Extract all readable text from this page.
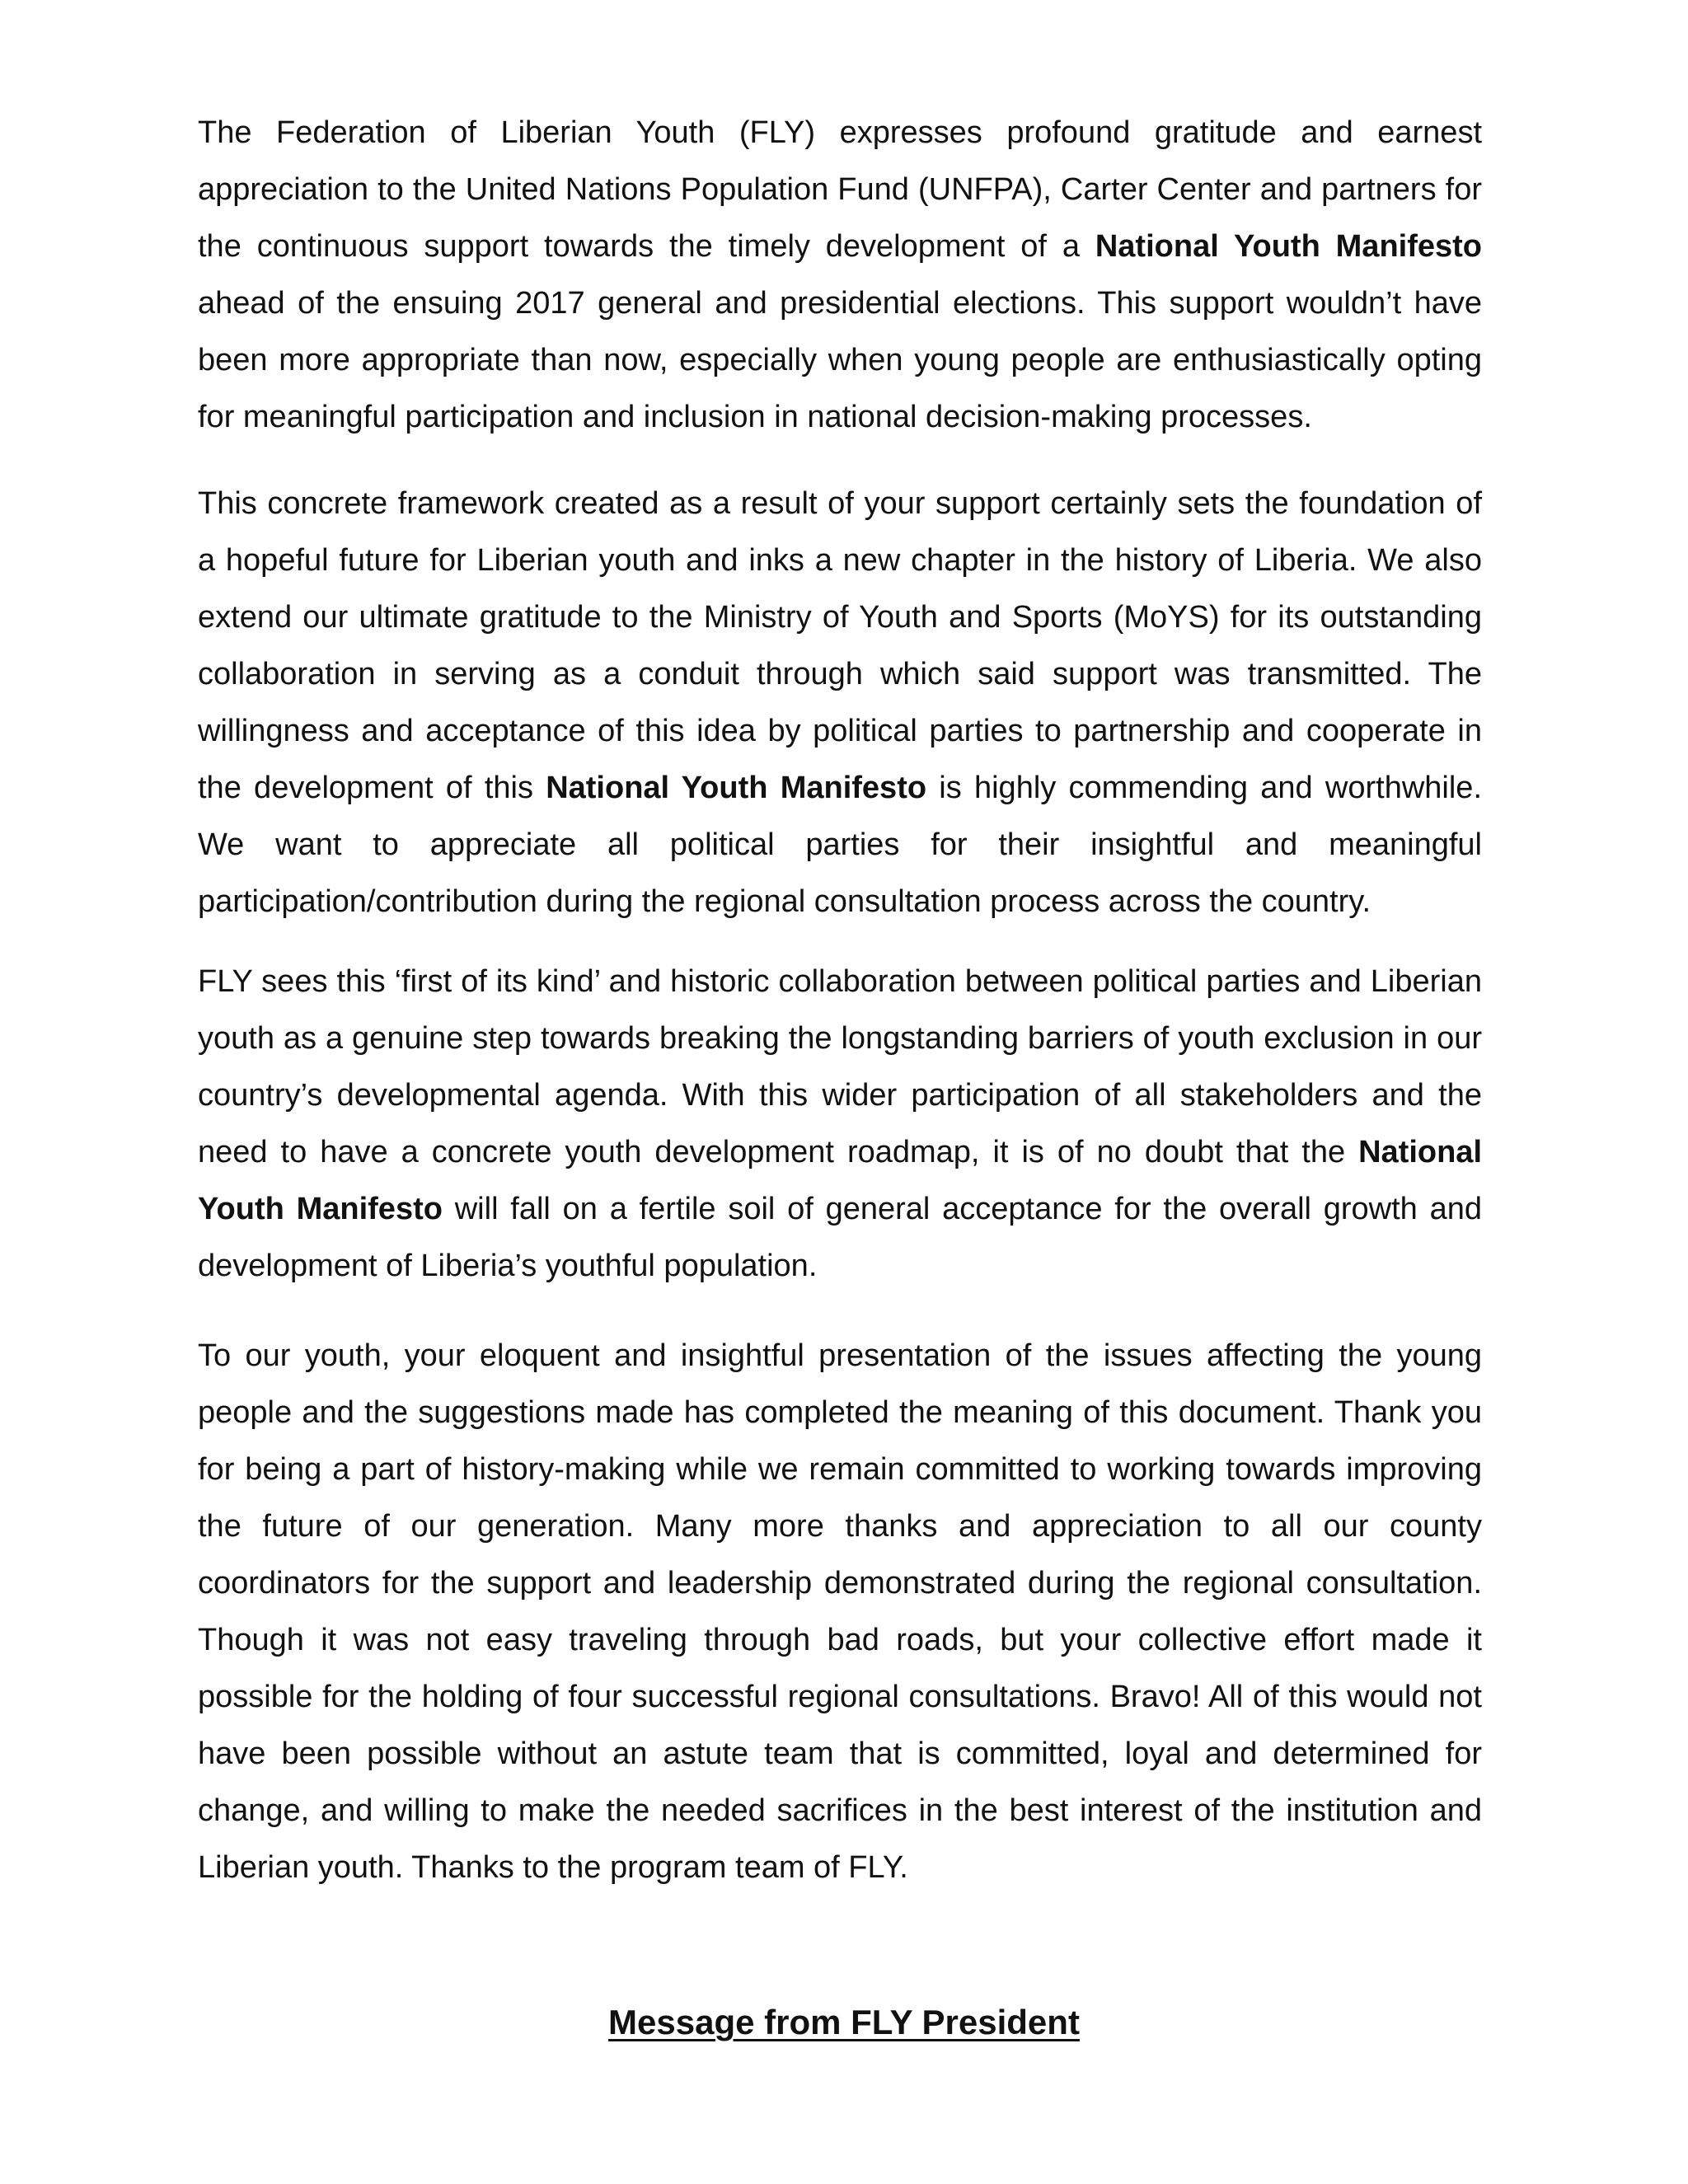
The Federation of Liberian Youth (FLY) expresses profound gratitude and earnest appreciation to the United Nations Population Fund (UNFPA), Carter Center and partners for the continuous support towards the timely development of a National Youth Manifesto ahead of the ensuing 2017 general and presidential elections. This support wouldn’t have been more appropriate than now, especially when young people are enthusiastically opting for meaningful participation and inclusion in national decision-making processes.

This concrete framework created as a result of your support certainly sets the foundation of a hopeful future for Liberian youth and inks a new chapter in the history of Liberia. We also extend our ultimate gratitude to the Ministry of Youth and Sports (MoYS) for its outstanding collaboration in serving as a conduit through which said support was transmitted. The willingness and acceptance of this idea by political parties to partnership and cooperate in the development of this National Youth Manifesto is highly commending and worthwhile. We want to appreciate all political parties for their insightful and meaningful participation/contribution during the regional consultation process across the country.

FLY sees this ‘first of its kind’ and historic collaboration between political parties and Liberian youth as a genuine step towards breaking the longstanding barriers of youth exclusion in our country’s developmental agenda. With this wider participation of all stakeholders and the need to have a concrete youth development roadmap, it is of no doubt that the National Youth Manifesto will fall on a fertile soil of general acceptance for the overall growth and development of Liberia’s youthful population.

To our youth, your eloquent and insightful presentation of the issues affecting the young people and the suggestions made has completed the meaning of this document. Thank you for being a part of history-making while we remain committed to working towards improving the future of our generation. Many more thanks and appreciation to all our county coordinators for the support and leadership demonstrated during the regional consultation. Though it was not easy traveling through bad roads, but your collective effort made it possible for the holding of four successful regional consultations. Bravo! All of this would not have been possible without an astute team that is committed, loyal and determined for change, and willing to make the needed sacrifices in the best interest of the institution and Liberian youth. Thanks to the program team of FLY.

Message from FLY President
